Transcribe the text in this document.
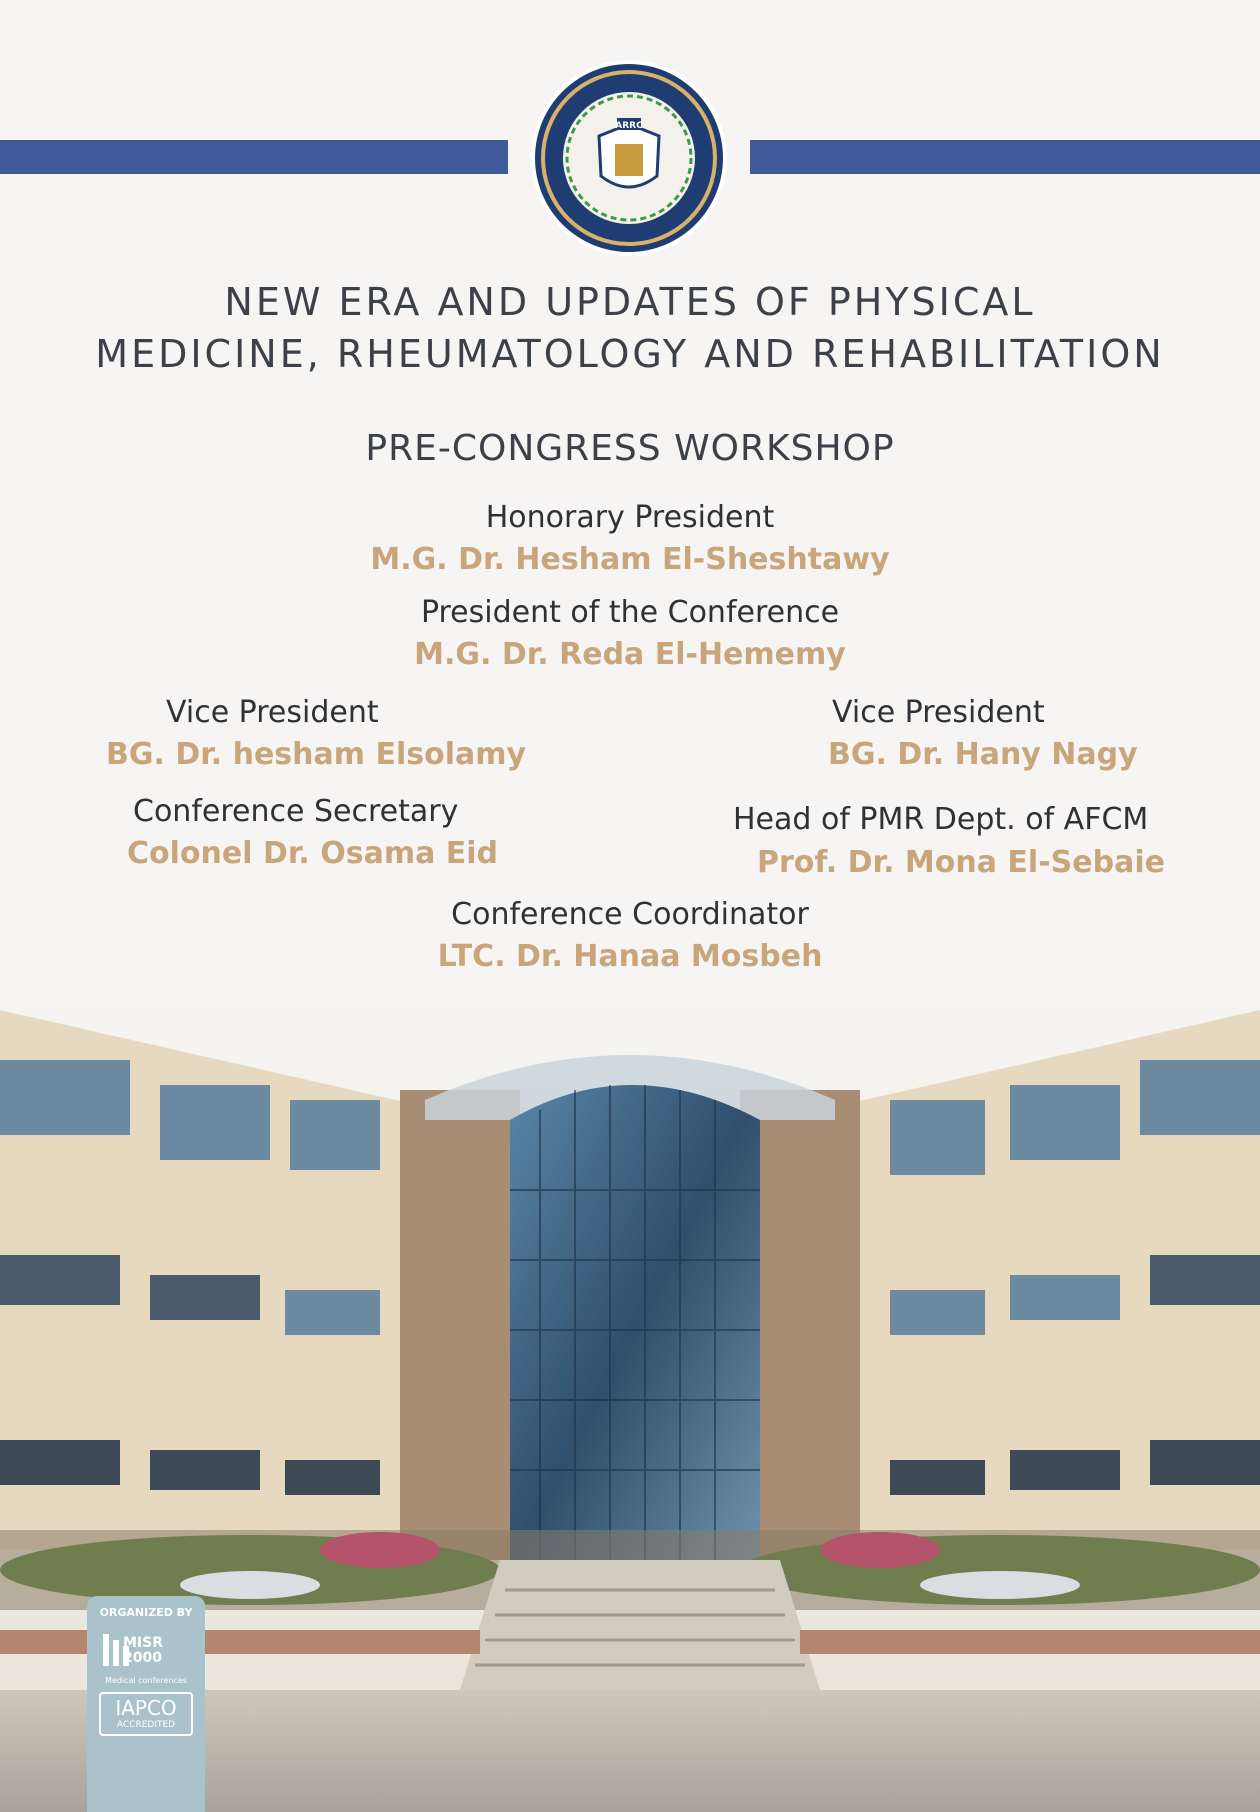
ARRC
NEW ERA AND UPDATES OF PHYSICAL
MEDICINE, RHEUMATOLOGY AND REHABILITATION
PRE-CONGRESS WORKSHOP
Honorary President
M.G. Dr. Hesham El-Sheshtawy
President of the Conference
M.G. Dr. Reda El-Hememy
Vice President
BG. Dr. hesham Elsolamy
Vice President
BG. Dr. Hany Nagy
Conference Secretary
Colonel Dr. Osama Eid
Head of PMR Dept. of AFCM
Prof. Dr. Mona El-Sebaie
Conference Coordinator
LTC. Dr. Hanaa Mosbeh
ORGANIZED BY
MISR 2000
Medical conferences
IAPCO
ACCREDITED
